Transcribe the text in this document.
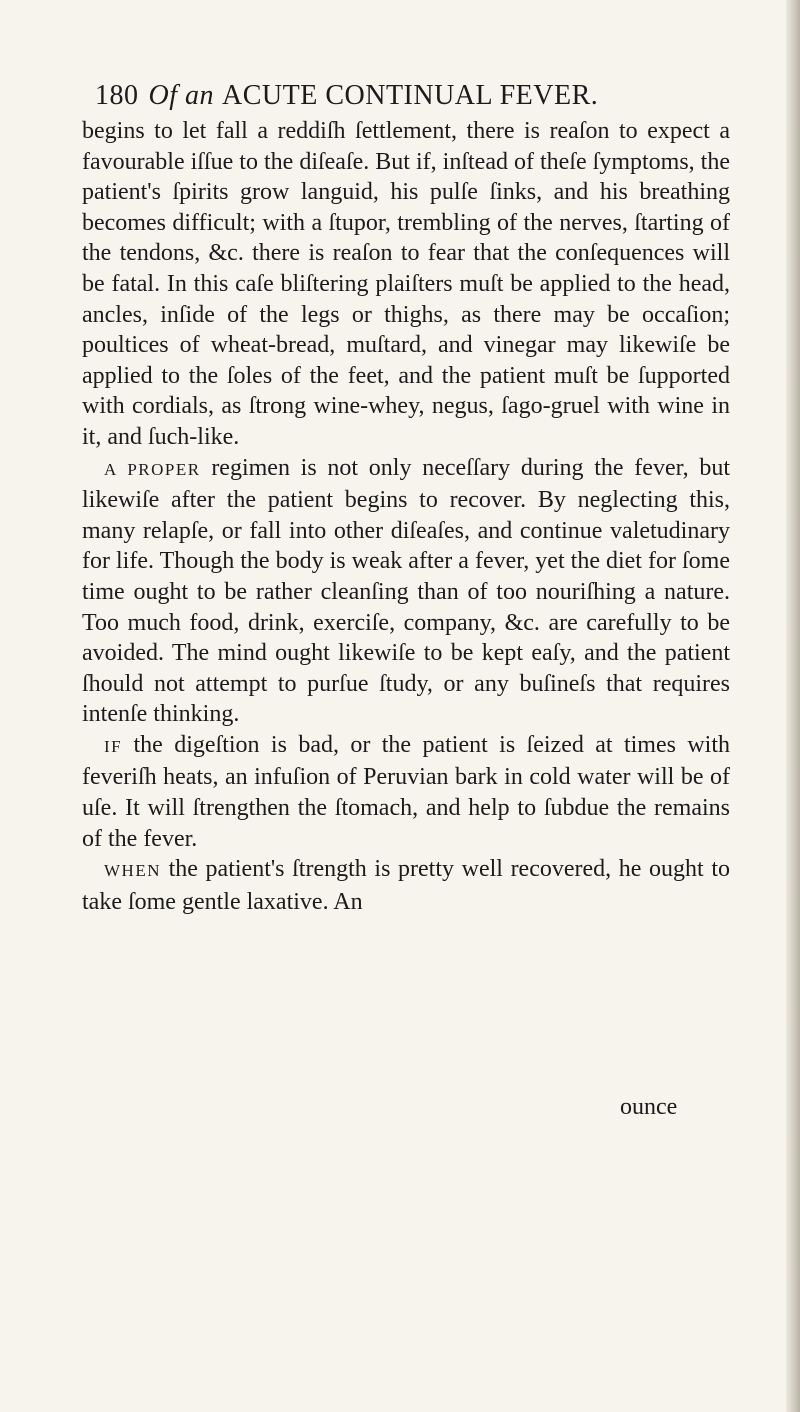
180 Of an ACUTE CONTINUAL FEVER.

begins to let fall a reddiſh ſettlement, there is reaſon to expect a favourable iſſue to the diſeaſe. But if, inſtead of theſe ſymptoms, the patient's ſpirits grow languid, his pulſe ſinks, and his breathing becomes difficult; with a ſtupor, trembling of the nerves, ſtarting of the tendons, &c. there is reaſon to fear that the conſequences will be fatal. In this caſe bliſtering plaiſters muſt be applied to the head, ancles, inſide of the legs or thighs, as there may be occaſion; poultices of wheat-bread, muſtard, and vinegar may likewiſe be applied to the ſoles of the feet, and the patient muſt be ſupported with cordials, as ſtrong wine-whey, negus, ſago-gruel with wine in it, and ſuch-like.

A PROPER regimen is not only neceſſary during the fever, but likewiſe after the patient begins to recover. By neglecting this, many relapſe, or fall into other diſeaſes, and continue valetudinary for life. Though the body is weak after a fever, yet the diet for ſome time ought to be rather cleanſing than of too nouriſhing a nature. Too much food, drink, exerciſe, company, &c. are carefully to be avoided. The mind ought likewiſe to be kept eaſy, and the patient ſhould not attempt to purſue ſtudy, or any buſineſs that requires intenſe thinking.

IF the digeſtion is bad, or the patient is ſeized at times with feveriſh heats, an infuſion of Peruvian bark in cold water will be of uſe. It will ſtrengthen the ſtomach, and help to ſubdue the remains of the fever.

WHEN the patient's ſtrength is pretty well recovered, he ought to take ſome gentle laxative. An

ounce
